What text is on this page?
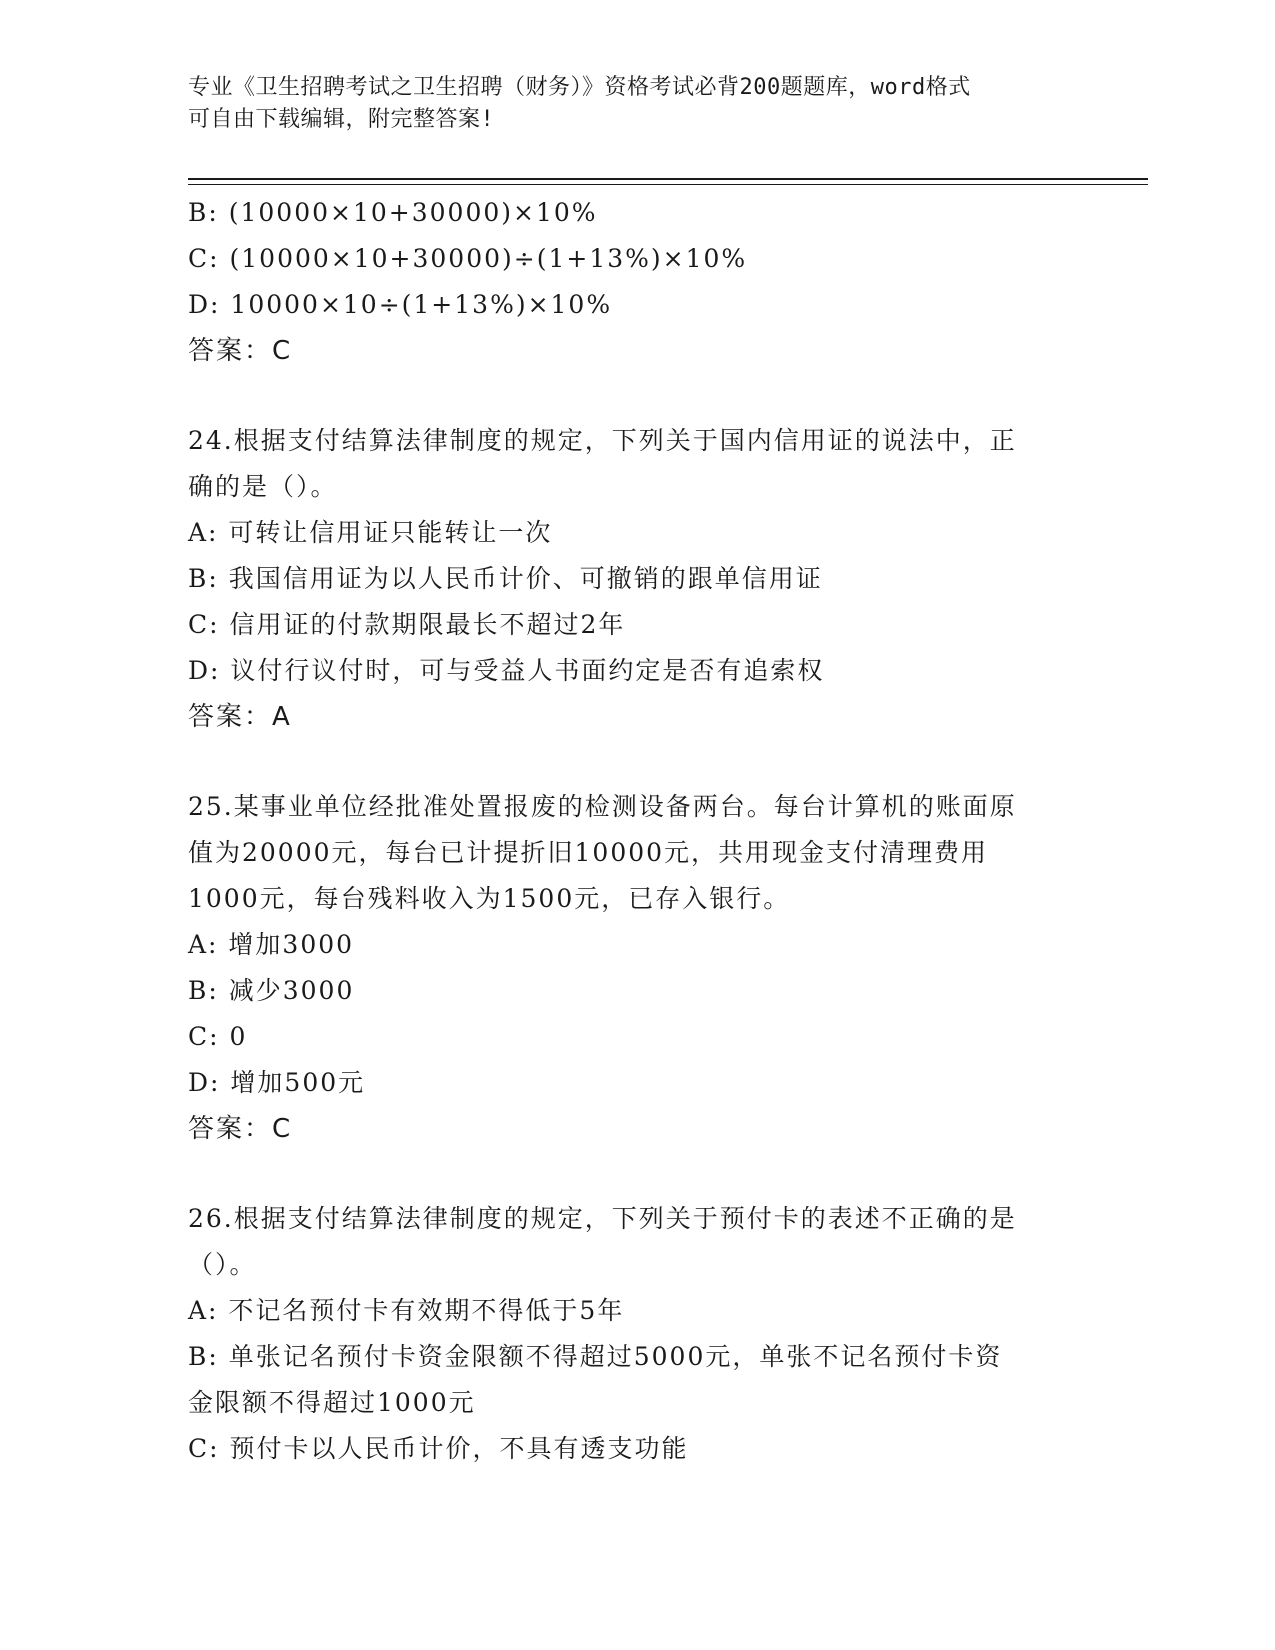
专业《卫生招聘考试之卫生招聘（财务）》资格考试必背200题题库，word格式
可自由下载编辑，附完整答案!
B: (10000×10+30000)×10%
C: (10000×10+30000)÷(1+13%)×10%
D: 10000×10÷(1+13%)×10%
答案：C
24.根据支付结算法律制度的规定，下列关于国内信用证的说法中，正
确的是（）。
A: 可转让信用证只能转让一次
B: 我国信用证为以人民币计价、可撤销的跟单信用证
C: 信用证的付款期限最长不超过2年
D: 议付行议付时，可与受益人书面约定是否有追索权
答案：A
25.某事业单位经批准处置报废的检测设备两台。每台计算机的账面原
值为20000元，每台已计提折旧10000元，共用现金支付清理费用
1000元，每台残料收入为1500元，已存入银行。
A: 增加3000
B: 减少3000
C: 0
D: 增加500元
答案：C
26.根据支付结算法律制度的规定，下列关于预付卡的表述不正确的是
（）。
A: 不记名预付卡有效期不得低于5年
B: 单张记名预付卡资金限额不得超过5000元，单张不记名预付卡资
金限额不得超过1000元
C: 预付卡以人民币计价，不具有透支功能
